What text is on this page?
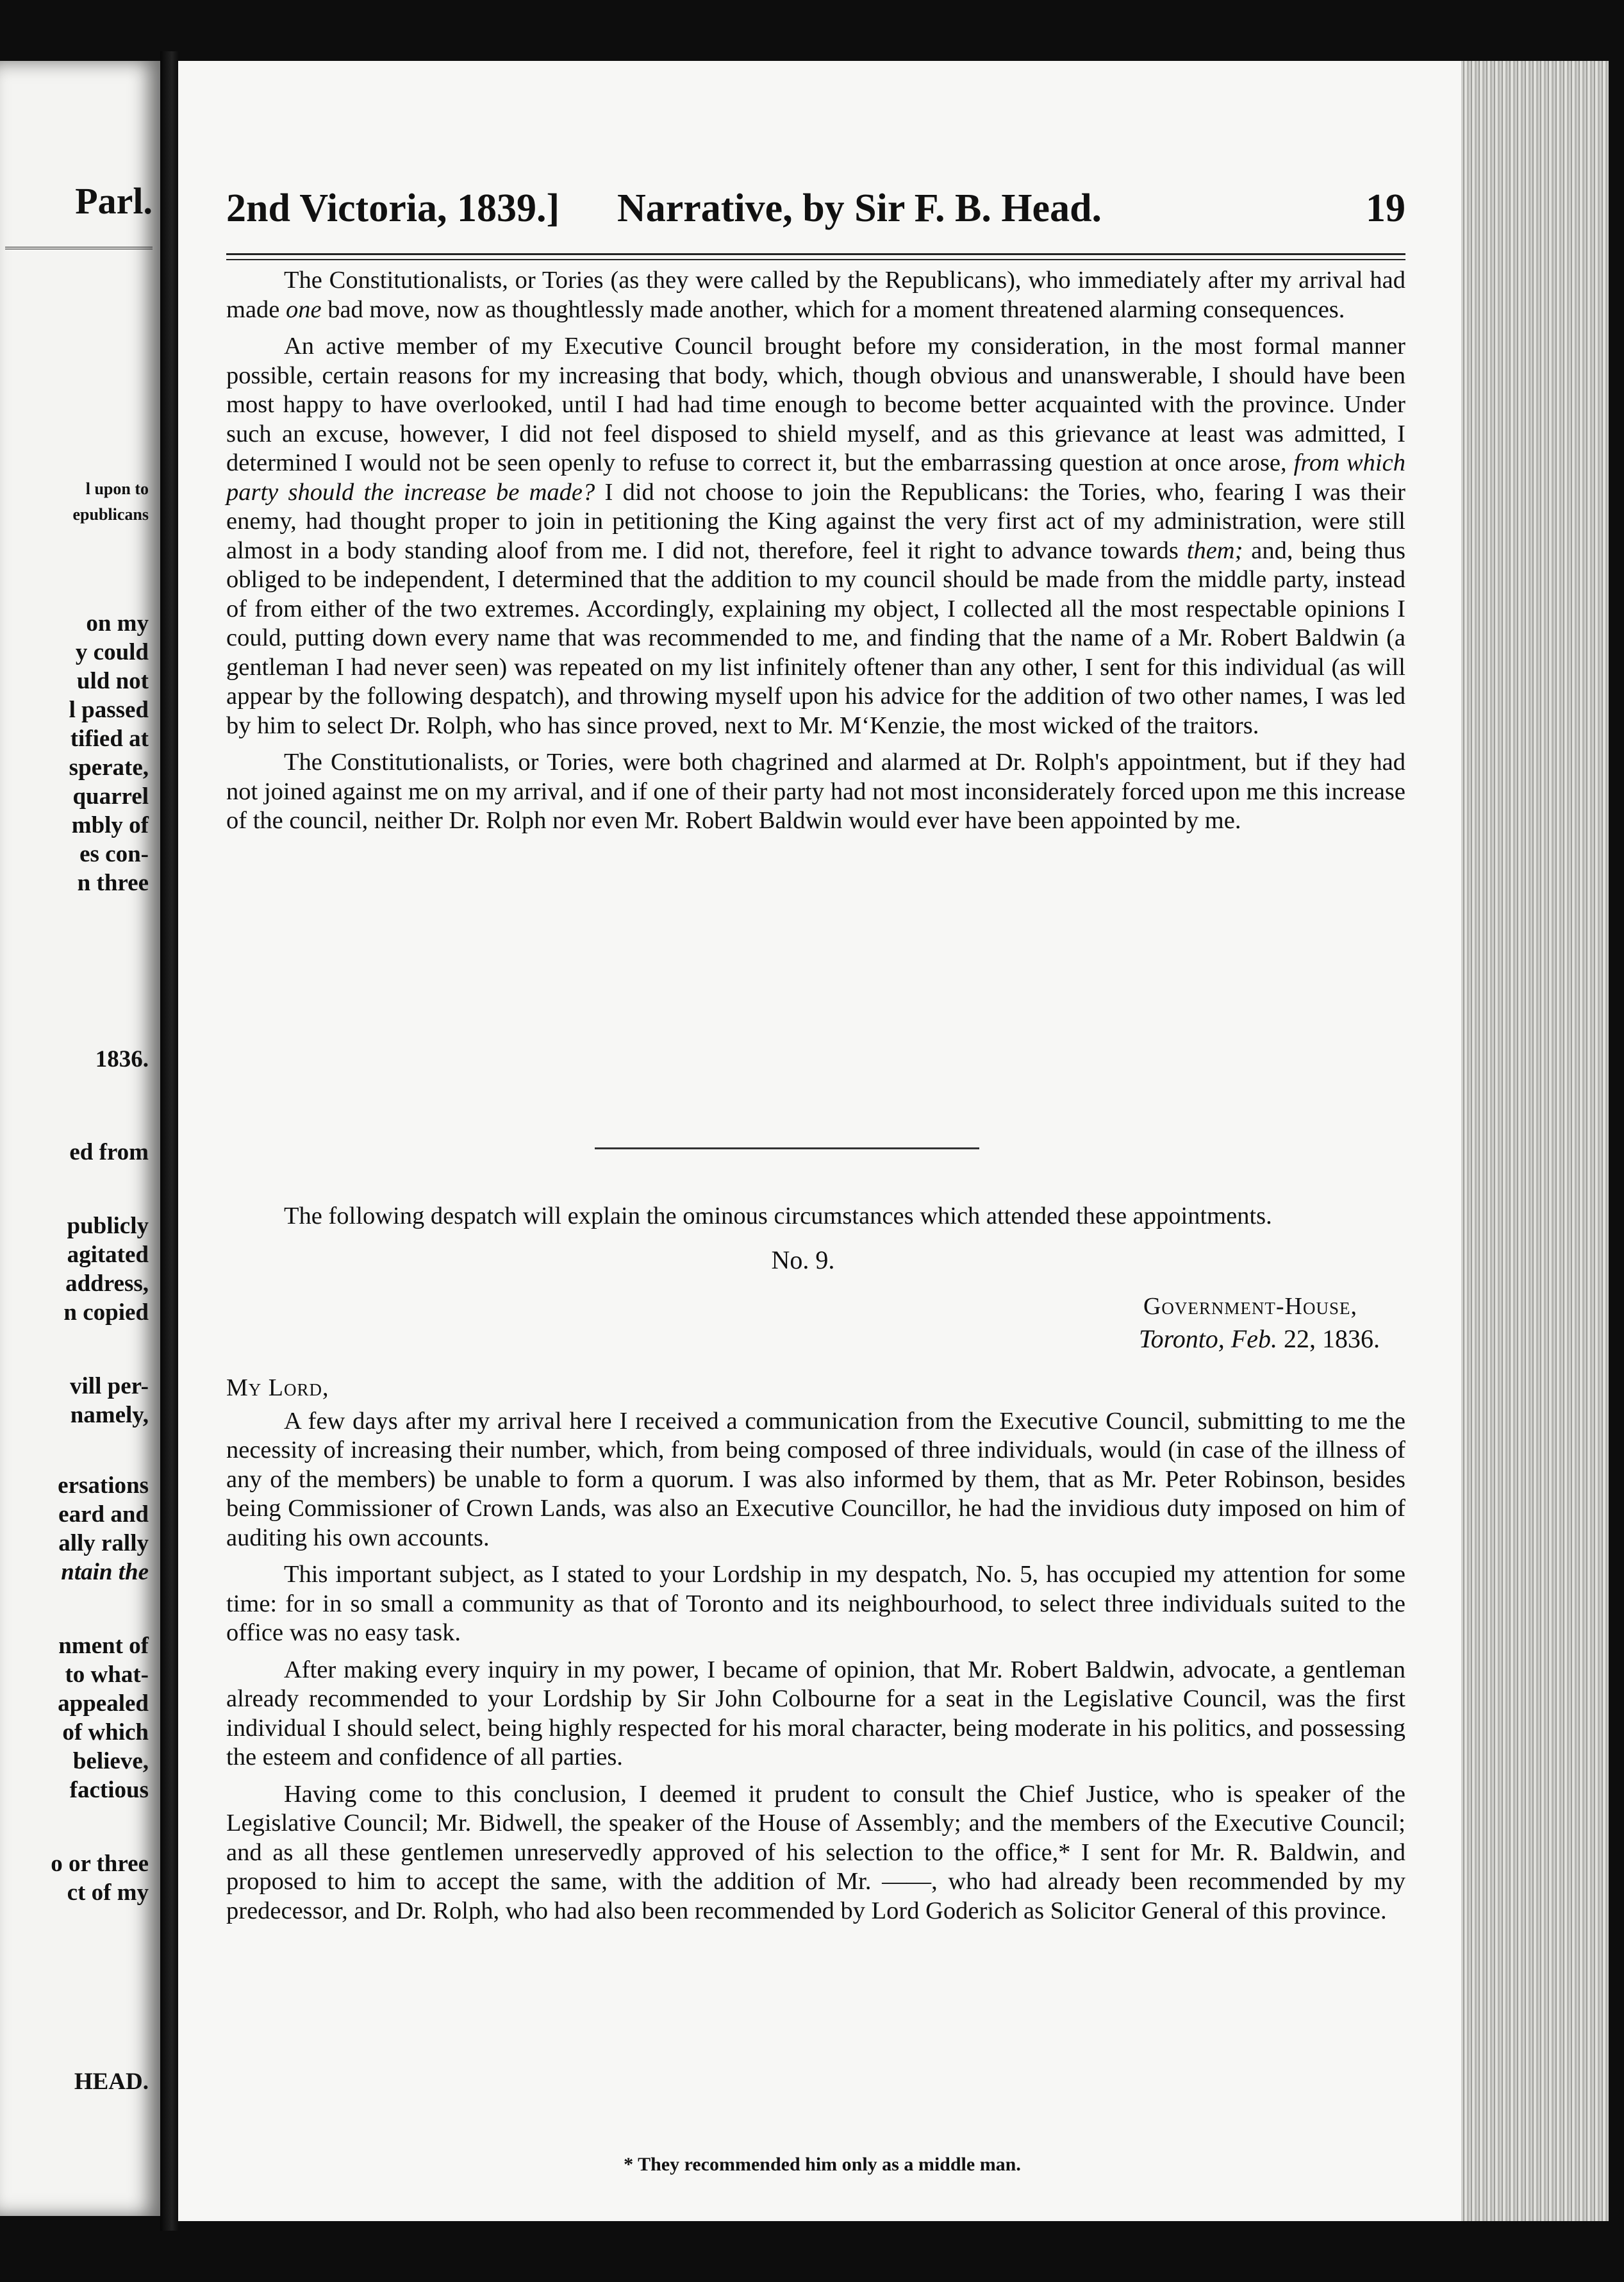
Parl.
l upon to
epublicans
on my
y could
uld not
l passed
tified at
sperate,
quarrel
mbly of
es con-
n three
1836.
ed from
publicly
agitated
address,
n copied
vill per-
namely,
ersations
eard and
ally rally
ntain the
nment of
to what-
appealed
of which
believe,
factious
o or three
ct of my
HEAD.
2nd Victoria, 1839.] Narrative, by Sir F. B. Head.	19

The Constitutionalists, or Tories (as they were called by the Republicans), who immediately after my arrival had made one bad move, now as thoughtlessly made another, which for a moment threatened alarming consequences.

An active member of my Executive Council brought before my consideration, in the most formal manner possible, certain reasons for my increasing that body, which, though obvious and unanswerable, I should have been most happy to have overlooked, until I had had time enough to become better acquainted with the province. Under such an excuse, however, I did not feel disposed to shield myself, and as this grievance at least was admitted, I determined I would not be seen openly to refuse to correct it, but the embarrassing question at once arose, from which party should the increase be made? I did not choose to join the Republicans: the Tories, who, fearing I was their enemy, had thought proper to join in petitioning the King against the very first act of my administration, were still almost in a body standing aloof from me. I did not, therefore, feel it right to advance towards them; and, being thus obliged to be independent, I determined that the addition to my council should be made from the middle party, instead of from either of the two extremes. Accordingly, explaining my object, I collected all the most respectable opinions I could, putting down every name that was recommended to me, and finding that the name of a Mr. Robert Baldwin (a gentleman I had never seen) was repeated on my list infinitely oftener than any other, I sent for this individual (as will appear by the following despatch), and throwing myself upon his advice for the addition of two other names, I was led by him to select Dr. Rolph, who has since proved, next to Mr. M‘Kenzie, the most wicked of the traitors.

The Constitutionalists, or Tories, were both chagrined and alarmed at Dr. Rolph's appointment, but if they had not joined against me on my arrival, and if one of their party had not most inconsiderately forced upon me this increase of the council, neither Dr. Rolph nor even Mr. Robert Baldwin would ever have been appointed by me.

The following despatch will explain the ominous circumstances which attended these appointments.

No. 9.
Government-House,
Toronto, Feb. 22, 1836.
My Lord,

A few days after my arrival here I received a communication from the Executive Council, submitting to me the necessity of increasing their number, which, from being composed of three individuals, would (in case of the illness of any of the members) be unable to form a quorum. I was also informed by them, that as Mr. Peter Robinson, besides being Commissioner of Crown Lands, was also an Executive Councillor, he had the invidious duty imposed on him of auditing his own accounts.

This important subject, as I stated to your Lordship in my despatch, No. 5, has occupied my attention for some time: for in so small a community as that of Toronto and its neighbourhood, to select three individuals suited to the office was no easy task.

After making every inquiry in my power, I became of opinion, that Mr. Robert Baldwin, advocate, a gentleman already recommended to your Lordship by Sir John Colbourne for a seat in the Legislative Council, was the first individual I should select, being highly respected for his moral character, being moderate in his politics, and possessing the esteem and confidence of all parties.

Having come to this conclusion, I deemed it prudent to consult the Chief Justice, who is speaker of the Legislative Council; Mr. Bidwell, the speaker of the House of Assembly; and the members of the Executive Council; and as all these gentlemen unreservedly approved of his selection to the office,* I sent for Mr. R. Baldwin, and proposed to him to accept the same, with the addition of Mr. ——, who had already been recommended by my predecessor, and Dr. Rolph, who had also been recommended by Lord Goderich as Solicitor General of this province.

* They recommended him only as a middle man.
